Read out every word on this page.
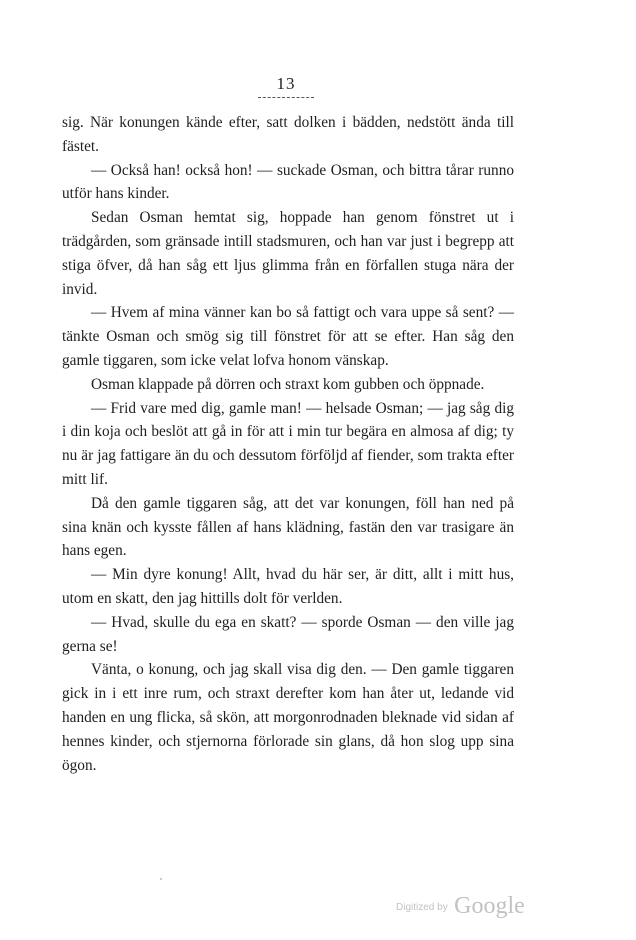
13

sig. När konungen kände efter, satt dolken i bädden, nedstött ända till fästet.

— Också han! också hon! — suckade Osman, och bittra tårar runno utför hans kinder.

Sedan Osman hemtat sig, hoppade han genom fönstret ut i trädgården, som gränsade intill stadsmuren, och han var just i begrepp att stiga öfver, då han såg ett ljus glimma från en förfallen stuga nära der invid.

— Hvem af mina vänner kan bo så fattigt och vara uppe så sent? — tänkte Osman och smög sig till fönstret för att se efter. Han såg den gamle tiggaren, som icke velat lofva honom vänskap.

Osman klappade på dörren och straxt kom gubben och öppnade.

— Frid vare med dig, gamle man! — helsade Osman; — jag såg dig i din koja och beslöt att gå in för att i min tur begära en almosa af dig; ty nu är jag fattigare än du och dessutom förföljd af fiender, som trakta efter mitt lif.

Då den gamle tiggaren såg, att det var konungen, föll han ned på sina knän och kysste fållen af hans klädning, fastän den var trasigare än hans egen.

— Min dyre konung! Allt, hvad du här ser, är ditt, allt i mitt hus, utom en skatt, den jag hittills dolt för verlden.

— Hvad, skulle du ega en skatt? — sporde Osman — den ville jag gerna se!

Vänta, o konung, och jag skall visa dig den. — Den gamle tiggaren gick in i ett inre rum, och straxt derefter kom han åter ut, ledande vid handen en ung flicka, så skön, att morgonrodnaden bleknade vid sidan af hennes kinder, och stjernorna förlorade sin glans, då hon slog upp sina ögon.

Digitized by Google
